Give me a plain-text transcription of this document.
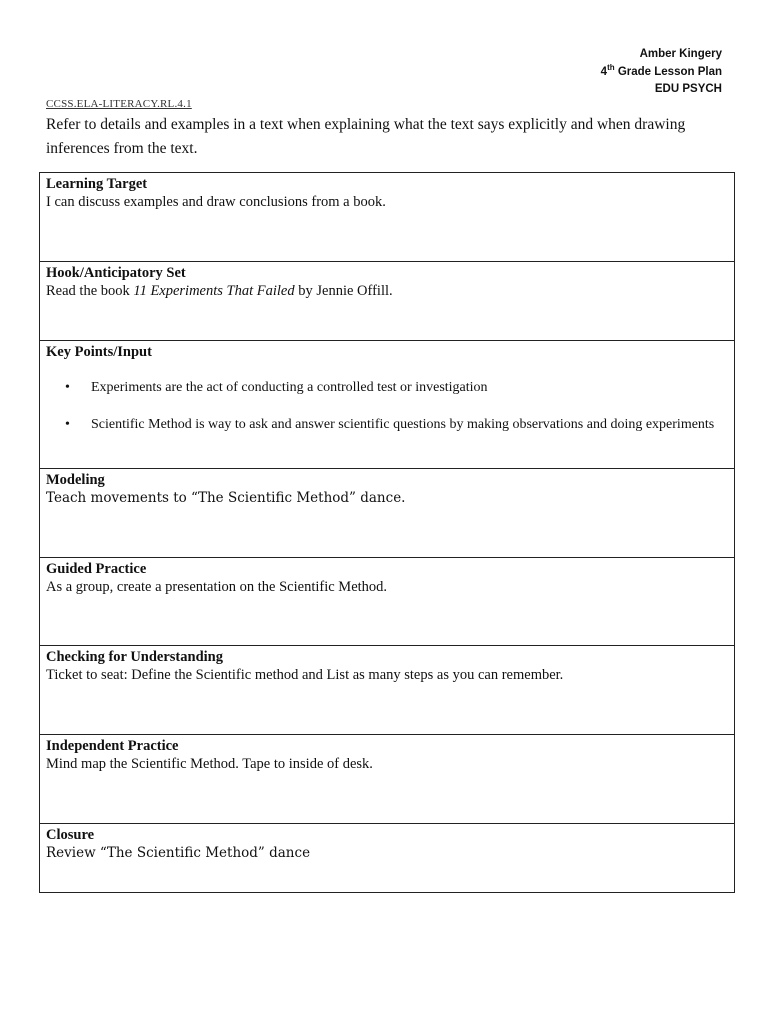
Amber Kingery
4th Grade Lesson Plan
EDU PSYCH
CCSS.ELA-LITERACY.RL.4.1
Refer to details and examples in a text when explaining what the text says explicitly and when drawing inferences from the text.
Learning Target
I can discuss examples and draw conclusions from a book.
Hook/Anticipatory Set
Read the book 11 Experiments That Failed by Jennie Offill.
Key Points/Input
• Experiments are the act of conducting a controlled test or investigation
• Scientific Method is way to ask and answer scientific questions by making observations and doing experiments
Modeling
Teach movements to “The Scientific Method” dance.
Guided Practice
As a group, create a presentation on the Scientific Method.
Checking for Understanding
Ticket to seat: Define the Scientific method and List as many steps as you can remember.
Independent Practice
Mind map the Scientific Method. Tape to inside of desk.
Closure
Review “The Scientific Method” dance
